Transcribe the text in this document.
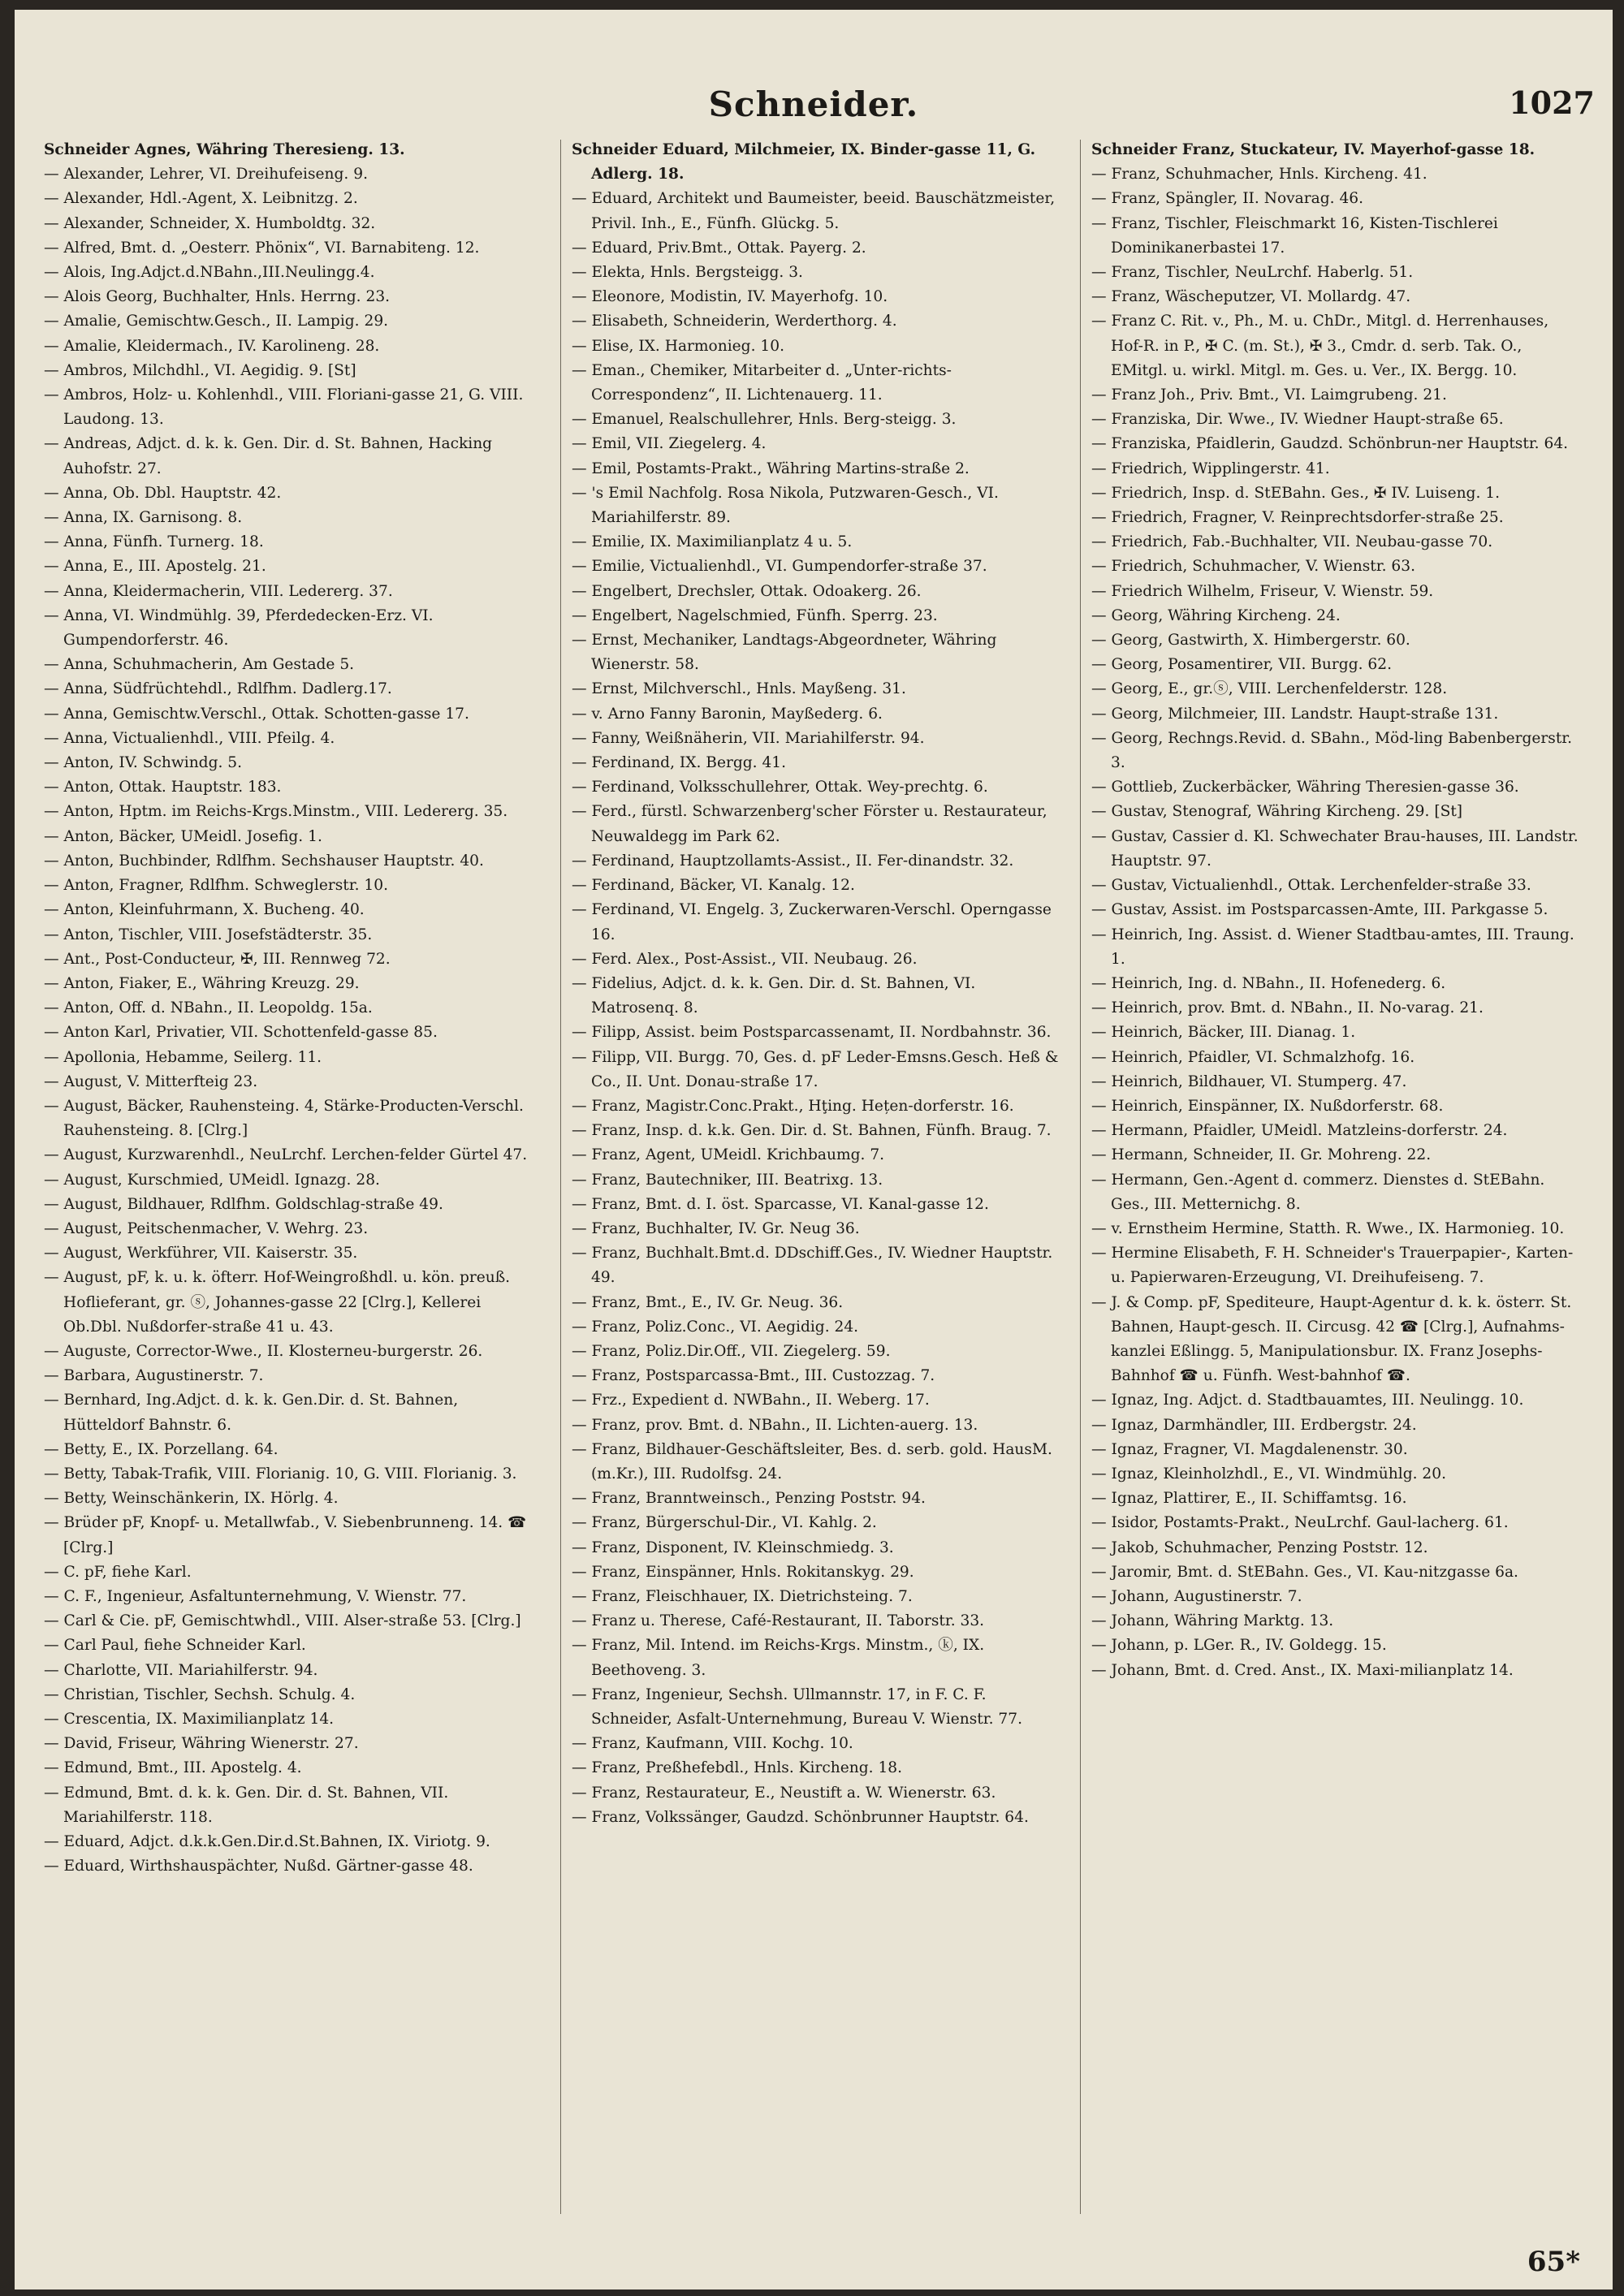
Schneider.	1027
Schneider Agnes, Währing Theresieng. 13.
— Alexander, Lehrer, VI. Dreihufeiseng. 9.
— Alexander, Hdl.-Agent, X. Leibnitzg. 2.
— Alexander, Schneider, X. Humboldtg. 32.
— Alfred, Bmt. d. „Oesterr. Phönix“, VI. Barnabiteng. 12.
— Alois, Ing.Adjct.d.NBahn.,III.Neulingg.4.
— Alois Georg, Buchhalter, Hnls. Herrng. 23.
— Amalie, Gemischtw.Gesch., II. Lampig. 29.
— Amalie, Kleidermach., IV. Karolineng. 28.
— Ambros, Milchdhl., VI. Aegidig. 9. [St]
— Ambros, Holz- u. Kohlenhdl., VIII. Floriani-gasse 21, G. VIII. Laudong. 13.
— Andreas, Adjct. d. k. k. Gen. Dir. d. St. Bahnen, Hacking Auhofstr. 27.
— Anna, Ob. Dbl. Hauptstr. 42.
— Anna, IX. Garnisong. 8.
— Anna, Fünfh. Turnerg. 18.
— Anna, E., III. Apostelg. 21.
— Anna, Kleidermacherin, VIII. Ledererg. 37.
— Anna, VI. Windmühlg. 39, Pferdedecken-Erz. VI. Gumpendorferstr. 46.
— Anna, Schuhmacherin, Am Gestade 5.
— Anna, Südfrüchtehdl., Rdlfhm. Dadlerg.17.
— Anna, Gemischtw.Verschl., Ottak. Schotten-gasse 17.
— Anna, Victualienhdl., VIII. Pfeilg. 4.
— Anton, IV. Schwindg. 5.
— Anton, Ottak. Hauptstr. 183.
— Anton, Hptm. im Reichs-Krgs.Minstm., VIII. Ledererg. 35.
— Anton, Bäcker, UMeidl. Josefig. 1.
— Anton, Buchbinder, Rdlfhm. Sechshauser Hauptstr. 40.
— Anton, Fragner, Rdlfhm. Schweglerstr. 10.
— Anton, Kleinfuhrmann, X. Bucheng. 40.
— Anton, Tischler, VIII. Josefstädterstr. 35.
— Ant., Post-Conducteur, ✠, III. Rennweg 72.
— Anton, Fiaker, E., Währing Kreuzg. 29.
— Anton, Off. d. NBahn., II. Leopoldg. 15a.
— Anton Karl, Privatier, VII. Schottenfeld-gasse 85.
— Apollonia, Hebamme, Seilerg. 11.
— August, V. Mitterfteig 23.
— August, Bäcker, Rauhensteing. 4, Stärke-Producten-Verschl. Rauhensteing. 8. [Clrg.]
— August, Kurzwarenhdl., NeuLrchf. Lerchen-felder Gürtel 47.
— August, Kurschmied, UMeidl. Ignazg. 28.
— August, Bildhauer, Rdlfhm. Goldschlag-straße 49.
— August, Peitschenmacher, V. Wehrg. 23.
— August, Werkführer, VII. Kaiserstr. 35.
— August, pF, k. u. k. öfterr. Hof-Weingroßhdl. u. kön. preuß. Hoflieferant, gr. ⓢ, Johannes-gasse 22 [Clrg.], Kellerei Ob.Dbl. Nußdorfer-straße 41 u. 43.
— Auguste, Corrector-Wwe., II. Klosterneu-burgerstr. 26.
— Barbara, Augustinerstr. 7.
— Bernhard, Ing.Adjct. d. k. k. Gen.Dir. d. St. Bahnen, Hütteldorf Bahnstr. 6.
— Betty, E., IX. Porzellang. 64.
— Betty, Tabak-Trafik, VIII. Florianig. 10, G. VIII. Florianig. 3.
— Betty, Weinschänkerin, IX. Hörlg. 4.
— Brüder pF, Knopf- u. Metallwfab., V. Siebenbrunneng. 14. ☎ [Clrg.]
— C. pF, fiehe Karl.
— C. F., Ingenieur, Asfaltunternehmung, V. Wienstr. 77.
— Carl & Cie. pF, Gemischtwhdl., VIII. Alser-straße 53. [Clrg.]
— Carl Paul, fiehe Schneider Karl.
— Charlotte, VII. Mariahilferstr. 94.
— Christian, Tischler, Sechsh. Schulg. 4.
— Crescentia, IX. Maximilianplatz 14.
— David, Friseur, Währing Wienerstr. 27.
— Edmund, Bmt., III. Apostelg. 4.
— Edmund, Bmt. d. k. k. Gen. Dir. d. St. Bahnen, VII. Mariahilferstr. 118.
— Eduard, Adjct. d.k.k.Gen.Dir.d.St.Bahnen, IX. Viriotg. 9.
— Eduard, Wirthshauspächter, Nußd. Gärtner-gasse 48.
Schneider Eduard, Milchmeier, IX. Binder-gasse 11, G. Adlerg. 18.
— Eduard, Architekt und Baumeister, beeid. Bauschätzmeister, Privil. Inh., E., Fünfh. Glückg. 5.
— Eduard, Priv.Bmt., Ottak. Payerg. 2.
— Elekta, Hnls. Bergsteigg. 3.
— Eleonore, Modistin, IV. Mayerhofg. 10.
— Elisabeth, Schneiderin, Werderthorg. 4.
— Elise, IX. Harmonieg. 10.
— Eman., Chemiker, Mitarbeiter d. „Unter-richts-Correspondenz“, II. Lichtenauerg. 11.
— Emanuel, Realschullehrer, Hnls. Berg-steigg. 3.
— Emil, VII. Ziegelerg. 4.
— Emil, Postamts-Prakt., Währing Martins-straße 2.
— 's Emil Nachfolg. Rosa Nikola, Putzwaren-Gesch., VI. Mariahilferstr. 89.
— Emilie, IX. Maximilianplatz 4 u. 5.
— Emilie, Victualienhdl., VI. Gumpendorfer-straße 37.
— Engelbert, Drechsler, Ottak. Odoakerg. 26.
— Engelbert, Nagelschmied, Fünfh. Sperrg. 23.
— Ernst, Mechaniker, Landtags-Abgeordneter, Währing Wienerstr. 58.
— Ernst, Milchverschl., Hnls. Mayßeng. 31.
— v. Arno Fanny Baronin, Mayßederg. 6.
— Fanny, Weißnäherin, VII. Mariahilferstr. 94.
— Ferdinand, IX. Bergg. 41.
— Ferdinand, Volksschullehrer, Ottak. Wey-prechtg. 6.
— Ferd., fürstl. Schwarzenberg'scher Förster u. Restaurateur, Neuwaldegg im Park 62.
— Ferdinand, Hauptzollamts-Assist., II. Fer-dinandstr. 32.
— Ferdinand, Bäcker, VI. Kanalg. 12.
— Ferdinand, VI. Engelg. 3, Zuckerwaren-Verschl. Operngasse 16.
— Ferd. Alex., Post-Assist., VII. Neubaug. 26.
— Fidelius, Adjct. d. k. k. Gen. Dir. d. St. Bahnen, VI. Matrosenq. 8.
— Filipp, Assist. beim Postsparcassenamt, II. Nordbahnstr. 36.
— Filipp, VII. Burgg. 70, Ges. d. pF Leder-Emsns.Gesch. Heß & Co., II. Unt. Donau-straße 17.
— Franz, Magistr.Conc.Prakt., Hţing. Hețen-dorferstr. 16.
— Franz, Insp. d. k.k. Gen. Dir. d. St. Bahnen, Fünfh. Braug. 7.
— Franz, Agent, UMeidl. Krichbaumg. 7.
— Franz, Bautechniker, III. Beatrixg. 13.
— Franz, Bmt. d. I. öst. Sparcasse, VI. Kanal-gasse 12.
— Franz, Buchhalter, IV. Gr. Neug 36.
— Franz, Buchhalt.Bmt.d. DDschiff.Ges., IV. Wiedner Hauptstr. 49.
— Franz, Bmt., E., IV. Gr. Neug. 36.
— Franz, Poliz.Conc., VI. Aegidig. 24.
— Franz, Poliz.Dir.Off., VII. Ziegelerg. 59.
— Franz, Postsparcassa-Bmt., III. Custozzag. 7.
— Frz., Expedient d. NWBahn., II. Weberg. 17.
— Franz, prov. Bmt. d. NBahn., II. Lichten-auerg. 13.
— Franz, Bildhauer-Geschäftsleiter, Bes. d. serb. gold. HausM. (m.Kr.), III. Rudolfsg. 24.
— Franz, Branntweinsch., Penzing Poststr. 94.
— Franz, Bürgerschul-Dir., VI. Kahlg. 2.
— Franz, Disponent, IV. Kleinschmiedg. 3.
— Franz, Einspänner, Hnls. Rokitanskyg. 29.
— Franz, Fleischhauer, IX. Dietrichsteing. 7.
— Franz u. Therese, Café-Restaurant, II. Taborstr. 33.
— Franz, Mil. Intend. im Reichs-Krgs. Minstm., ⓚ, IX. Beethoveng. 3.
— Franz, Ingenieur, Sechsh. Ullmannstr. 17, in F. C. F. Schneider, Asfalt-Unternehmung, Bureau V. Wienstr. 77.
— Franz, Kaufmann, VIII. Kochg. 10.
— Franz, Preßhefebdl., Hnls. Kircheng. 18.
— Franz, Restaurateur, E., Neustift a. W. Wienerstr. 63.
— Franz, Volkssänger, Gaudzd. Schönbrunner Hauptstr. 64.
Schneider Franz, Stuckateur, IV. Mayerhof-gasse 18.
— Franz, Schuhmacher, Hnls. Kircheng. 41.
— Franz, Spängler, II. Novarag. 46.
— Franz, Tischler, Fleischmarkt 16, Kisten-Tischlerei Dominikanerbastei 17.
— Franz, Tischler, NeuLrchf. Haberlg. 51.
— Franz, Wäscheputzer, VI. Mollardg. 47.
— Franz C. Rit. v., Ph., M. u. ChDr., Mitgl. d. Herrenhauses, Hof-R. in P., ✠ C. (m. St.), ✠ 3., Cmdr. d. serb. Tak. O., EMitgl. u. wirkl. Mitgl. m. Ges. u. Ver., IX. Bergg. 10.
— Franz Joh., Priv. Bmt., VI. Laimgrubeng. 21.
— Franziska, Dir. Wwe., IV. Wiedner Haupt-straße 65.
— Franziska, Pfaidlerin, Gaudzd. Schönbrun-ner Hauptstr. 64.
— Friedrich, Wipplingerstr. 41.
— Friedrich, Insp. d. StEBahn. Ges., ✠ IV. Luiseng. 1.
— Friedrich, Fragner, V. Reinprechtsdorfer-straße 25.
— Friedrich, Fab.-Buchhalter, VII. Neubau-gasse 70.
— Friedrich, Schuhmacher, V. Wienstr. 63.
— Friedrich Wilhelm, Friseur, V. Wienstr. 59.
— Georg, Währing Kircheng. 24.
— Georg, Gastwirth, X. Himbergerstr. 60.
— Georg, Posamentirer, VII. Burgg. 62.
— Georg, E., gr.ⓢ, VIII. Lerchenfelderstr. 128.
— Georg, Milchmeier, III. Landstr. Haupt-straße 131.
— Georg, Rechngs.Revid. d. SBahn., Möd-ling Babenbergerstr. 3.
— Gottlieb, Zuckerbäcker, Währing Theresien-gasse 36.
— Gustav, Stenograf, Währing Kircheng. 29. [St]
— Gustav, Cassier d. Kl. Schwechater Brau-hauses, III. Landstr. Hauptstr. 97.
— Gustav, Victualienhdl., Ottak. Lerchenfelder-straße 33.
— Gustav, Assist. im Postsparcassen-Amte, III. Parkgasse 5.
— Heinrich, Ing. Assist. d. Wiener Stadtbau-amtes, III. Traung. 1.
— Heinrich, Ing. d. NBahn., II. Hofenederg. 6.
— Heinrich, prov. Bmt. d. NBahn., II. No-varag. 21.
— Heinrich, Bäcker, III. Dianag. 1.
— Heinrich, Pfaidler, VI. Schmalzhofg. 16.
— Heinrich, Bildhauer, VI. Stumperg. 47.
— Heinrich, Einspänner, IX. Nußdorferstr. 68.
— Hermann, Pfaidler, UMeidl. Matzleins-dorferstr. 24.
— Hermann, Schneider, II. Gr. Mohreng. 22.
— Hermann, Gen.-Agent d. commerz. Dienstes d. StEBahn. Ges., III. Metternichg. 8.
— v. Ernstheim Hermine, Statth. R. Wwe., IX. Harmonieg. 10.
— Hermine Elisabeth, F. H. Schneider's Trauerpapier-, Karten- u. Papierwaren-Erzeugung, VI. Dreihufeiseng. 7.
— J. & Comp. pF, Spediteure, Haupt-Agentur d. k. k. österr. St. Bahnen, Haupt-gesch. II. Circusg. 42 ☎ [Clrg.], Aufnahms-kanzlei Eßlingg. 5, Manipulationsbur. IX. Franz Josephs-Bahnhof ☎ u. Fünfh. West-bahnhof ☎.
— Ignaz, Ing. Adjct. d. Stadtbauamtes, III. Neulingg. 10.
— Ignaz, Darmhändler, III. Erdbergstr. 24.
— Ignaz, Fragner, VI. Magdalenenstr. 30.
— Ignaz, Kleinholzhdl., E., VI. Windmühlg. 20.
— Ignaz, Plattirer, E., II. Schiffamtsg. 16.
— Isidor, Postamts-Prakt., NeuLrchf. Gaul-lacherg. 61.
— Jakob, Schuhmacher, Penzing Poststr. 12.
— Jaromir, Bmt. d. StEBahn. Ges., VI. Kau-nitzgasse 6a.
— Johann, Augustinerstr. 7.
— Johann, Währing Marktg. 13.
— Johann, p. LGer. R., IV. Goldegg. 15.
— Johann, Bmt. d. Cred. Anst., IX. Maxi-milianplatz 14.
65*
